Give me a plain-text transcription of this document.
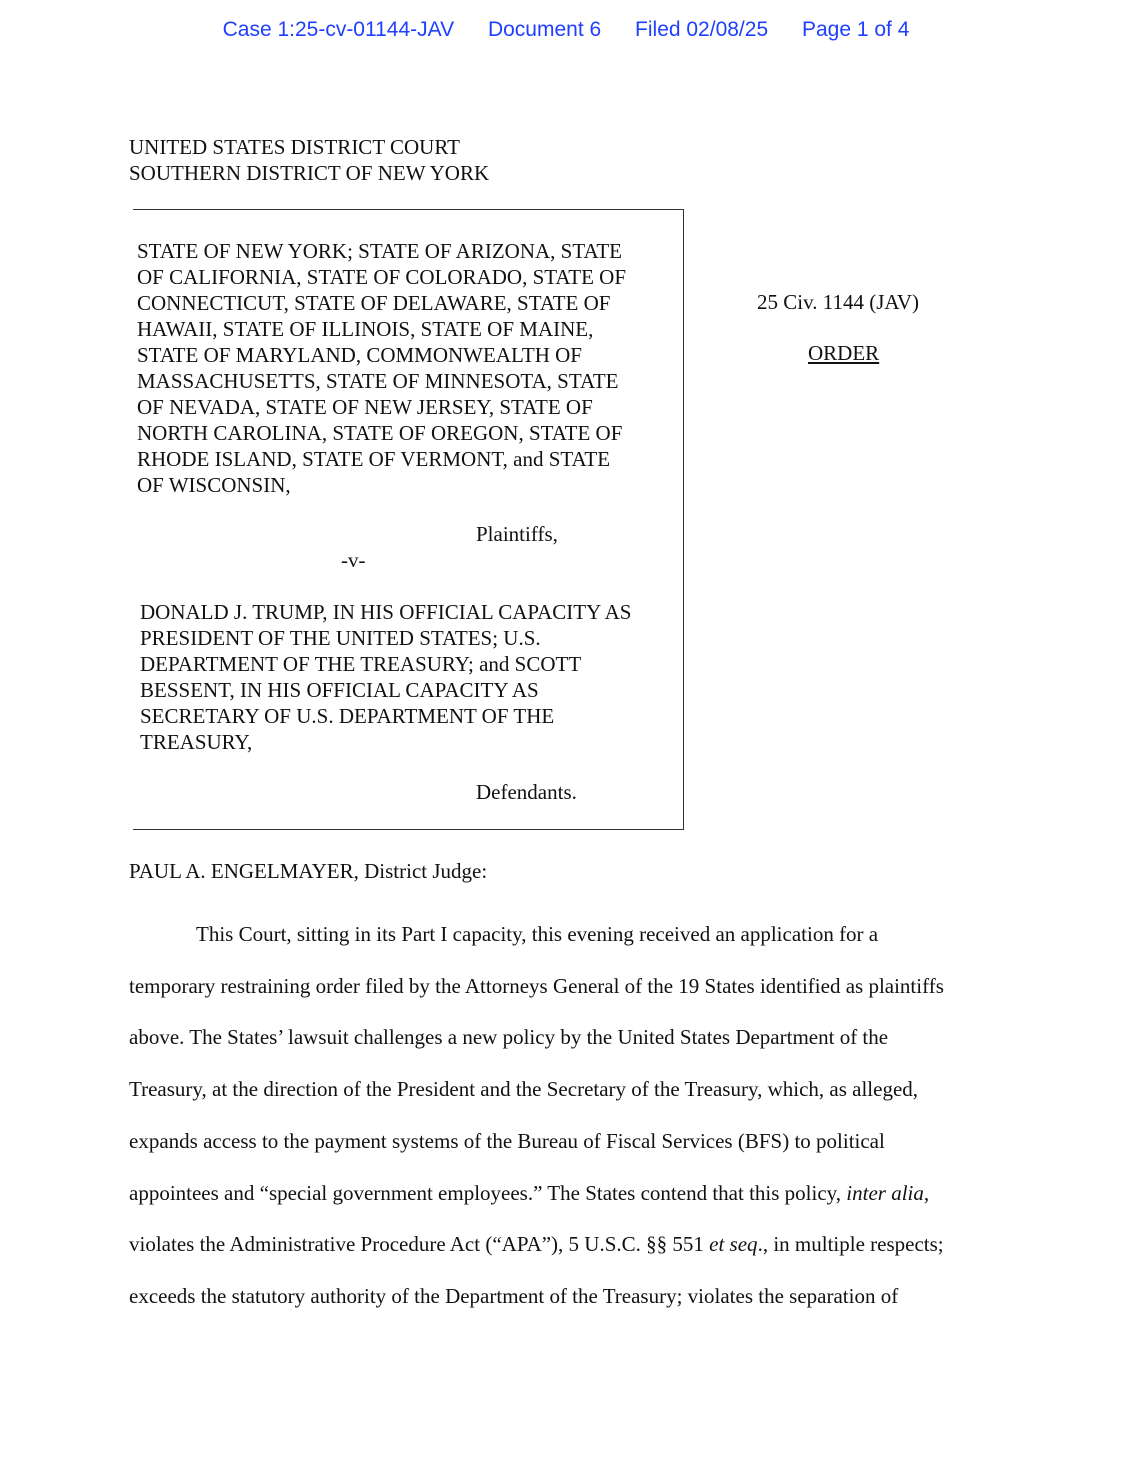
Case 1:25-cv-01144-JAV Document 6 Filed 02/08/25 Page 1 of 4
UNITED STATES DISTRICT COURT
SOUTHERN DISTRICT OF NEW YORK
STATE OF NEW YORK; STATE OF ARIZONA, STATE
OF CALIFORNIA, STATE OF COLORADO, STATE OF
CONNECTICUT, STATE OF DELAWARE, STATE OF
HAWAII, STATE OF ILLINOIS, STATE OF MAINE,
STATE OF MARYLAND, COMMONWEALTH OF
MASSACHUSETTS, STATE OF MINNESOTA, STATE
OF NEVADA, STATE OF NEW JERSEY, STATE OF
NORTH CAROLINA, STATE OF OREGON, STATE OF
RHODE ISLAND, STATE OF VERMONT, and STATE
OF WISCONSIN,
Plaintiffs,
-v-
DONALD J. TRUMP, IN HIS OFFICIAL CAPACITY AS
PRESIDENT OF THE UNITED STATES; U.S.
DEPARTMENT OF THE TREASURY; and SCOTT
BESSENT, IN HIS OFFICIAL CAPACITY AS
SECRETARY OF U.S. DEPARTMENT OF THE
TREASURY,
Defendants.
25 Civ. 1144 (JAV)
ORDER
PAUL A. ENGELMAYER, District Judge:
This Court, sitting in its Part I capacity, this evening received an application for a
temporary restraining order filed by the Attorneys General of the 19 States identified as plaintiffs
above. The States’ lawsuit challenges a new policy by the United States Department of the
Treasury, at the direction of the President and the Secretary of the Treasury, which, as alleged,
expands access to the payment systems of the Bureau of Fiscal Services (BFS) to political
appointees and “special government employees.” The States contend that this policy, inter alia,
violates the Administrative Procedure Act (“APA”), 5 U.S.C. §§ 551 et seq., in multiple respects;
exceeds the statutory authority of the Department of the Treasury; violates the separation of
